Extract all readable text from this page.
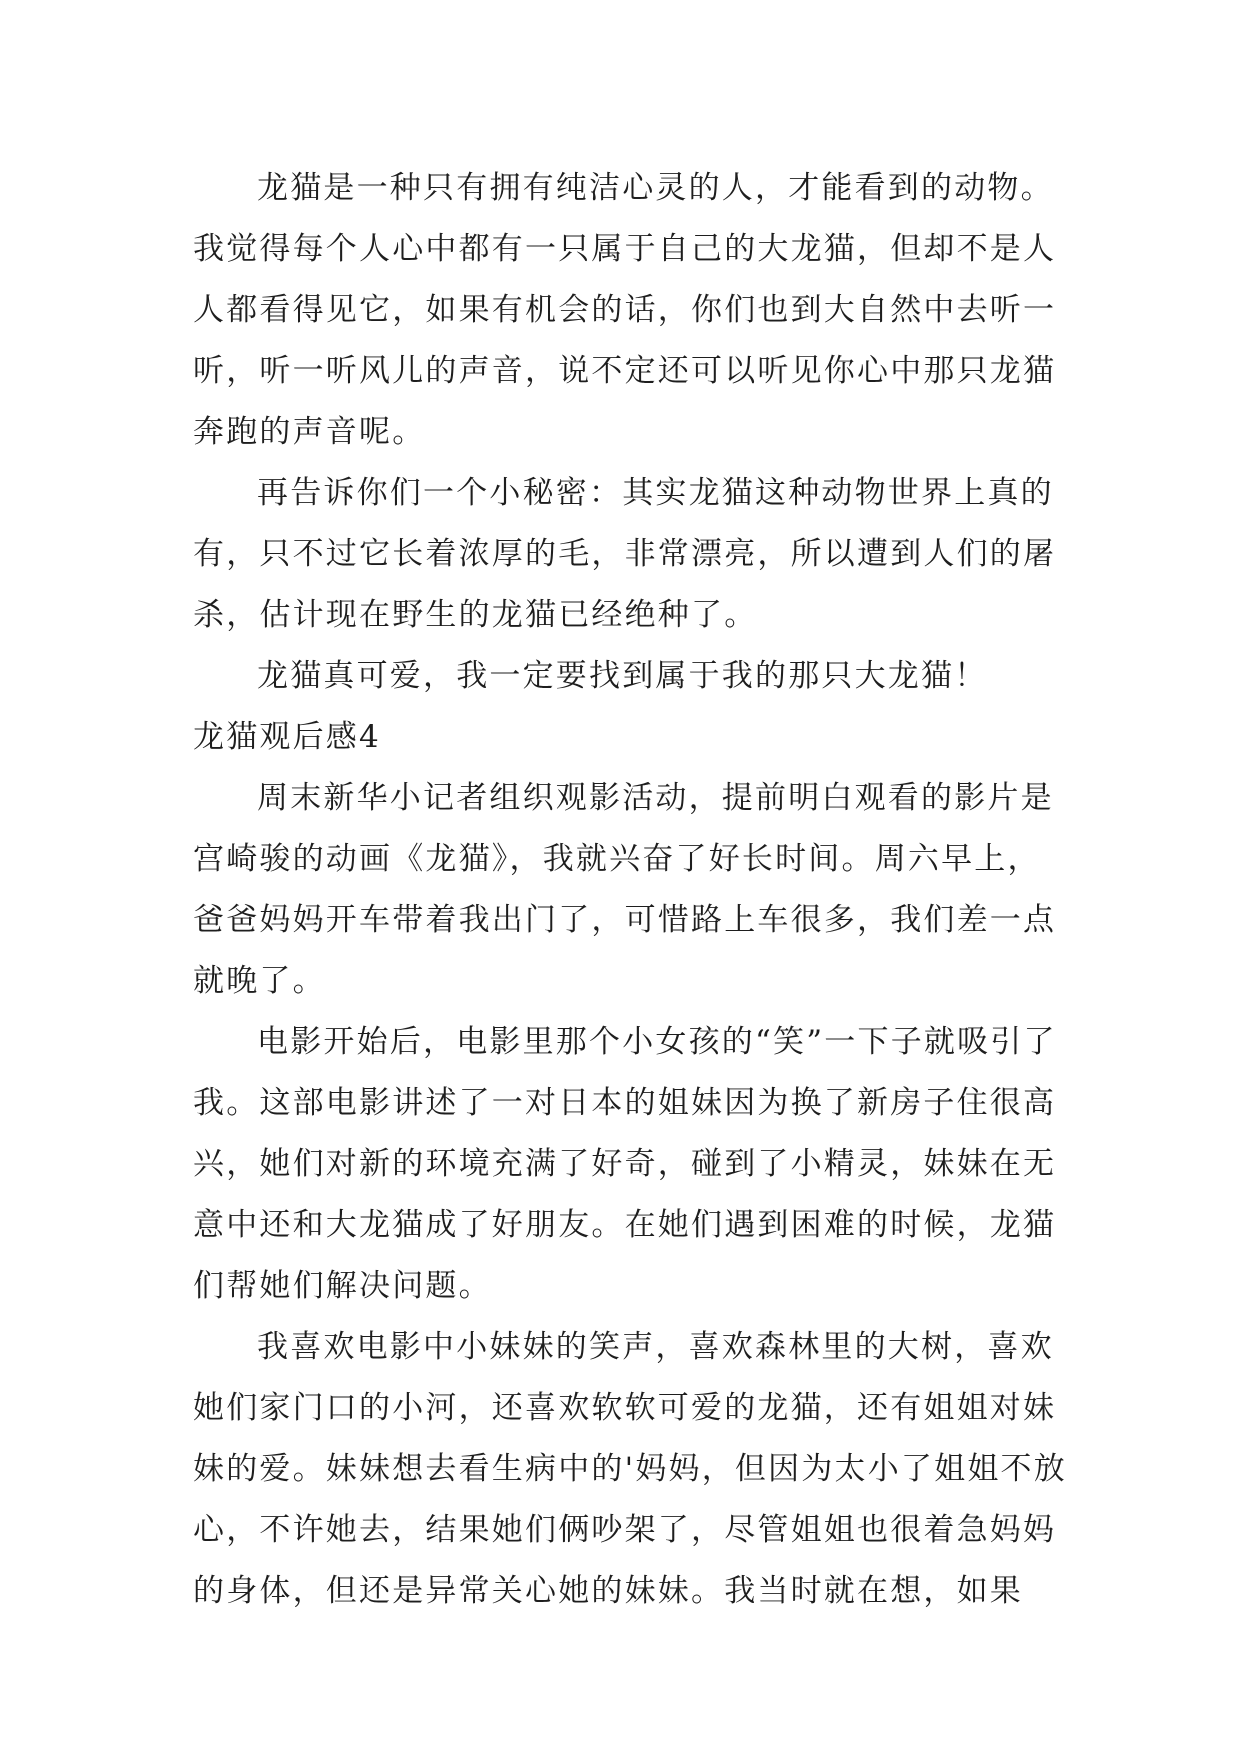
龙猫是一种只有拥有纯洁心灵的人，才能看到的动物。我觉得每个人心中都有一只属于自己的大龙猫，但却不是人人都看得见它，如果有机会的话，你们也到大自然中去听一听，听一听风儿的声音，说不定还可以听见你心中那只龙猫奔跑的声音呢。

再告诉你们一个小秘密：其实龙猫这种动物世界上真的有，只不过它长着浓厚的毛，非常漂亮，所以遭到人们的屠杀，估计现在野生的龙猫已经绝种了。

龙猫真可爱，我一定要找到属于我的那只大龙猫！

龙猫观后感4

周末新华小记者组织观影活动，提前明白观看的影片是宫崎骏的动画《龙猫》，我就兴奋了好长时间。周六早上，爸爸妈妈开车带着我出门了，可惜路上车很多，我们差一点就晚了。

电影开始后，电影里那个小女孩的“笑”一下子就吸引了我。这部电影讲述了一对日本的姐妹因为换了新房子住很高兴，她们对新的环境充满了好奇，碰到了小精灵，妹妹在无意中还和大龙猫成了好朋友。在她们遇到困难的时候，龙猫们帮她们解决问题。

我喜欢电影中小妹妹的笑声，喜欢森林里的大树，喜欢她们家门口的小河，还喜欢软软可爱的龙猫，还有姐姐对妹妹的爱。妹妹想去看生病中的'妈妈，但因为太小了姐姐不放心，不许她去，结果她们俩吵架了，尽管姐姐也很着急妈妈的身体，但还是异常关心她的妹妹。我当时就在想，如果
